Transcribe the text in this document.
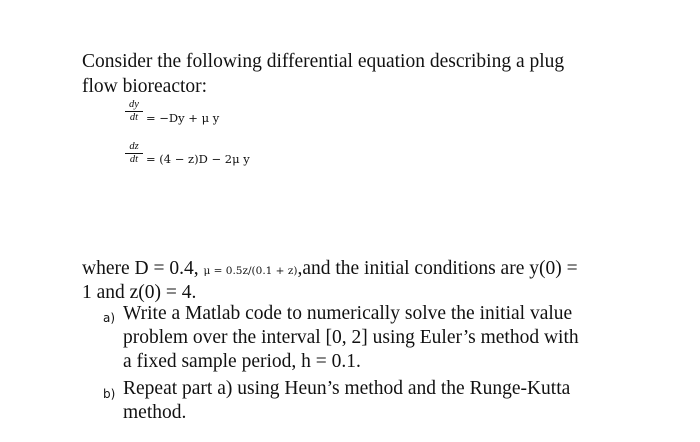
Consider the following differential equation describing a plug
flow bioreactor:
$\frac{dy}{dt} = -Dy + \mu$ y
$\frac{dz}{dt} = (4 - z)D - 2\mu$ y
where D = 0.4, μ = 0.5z/(0.1 + z),and the initial conditions are y(0) =
1 and z(0) = 4.
a) Write a Matlab code to numerically solve the initial value
problem over the interval [0, 2] using Euler’s method with
a fixed sample period, h = 0.1.
b) Repeat part a) using Heun’s method and the Runge-Kutta
method.
